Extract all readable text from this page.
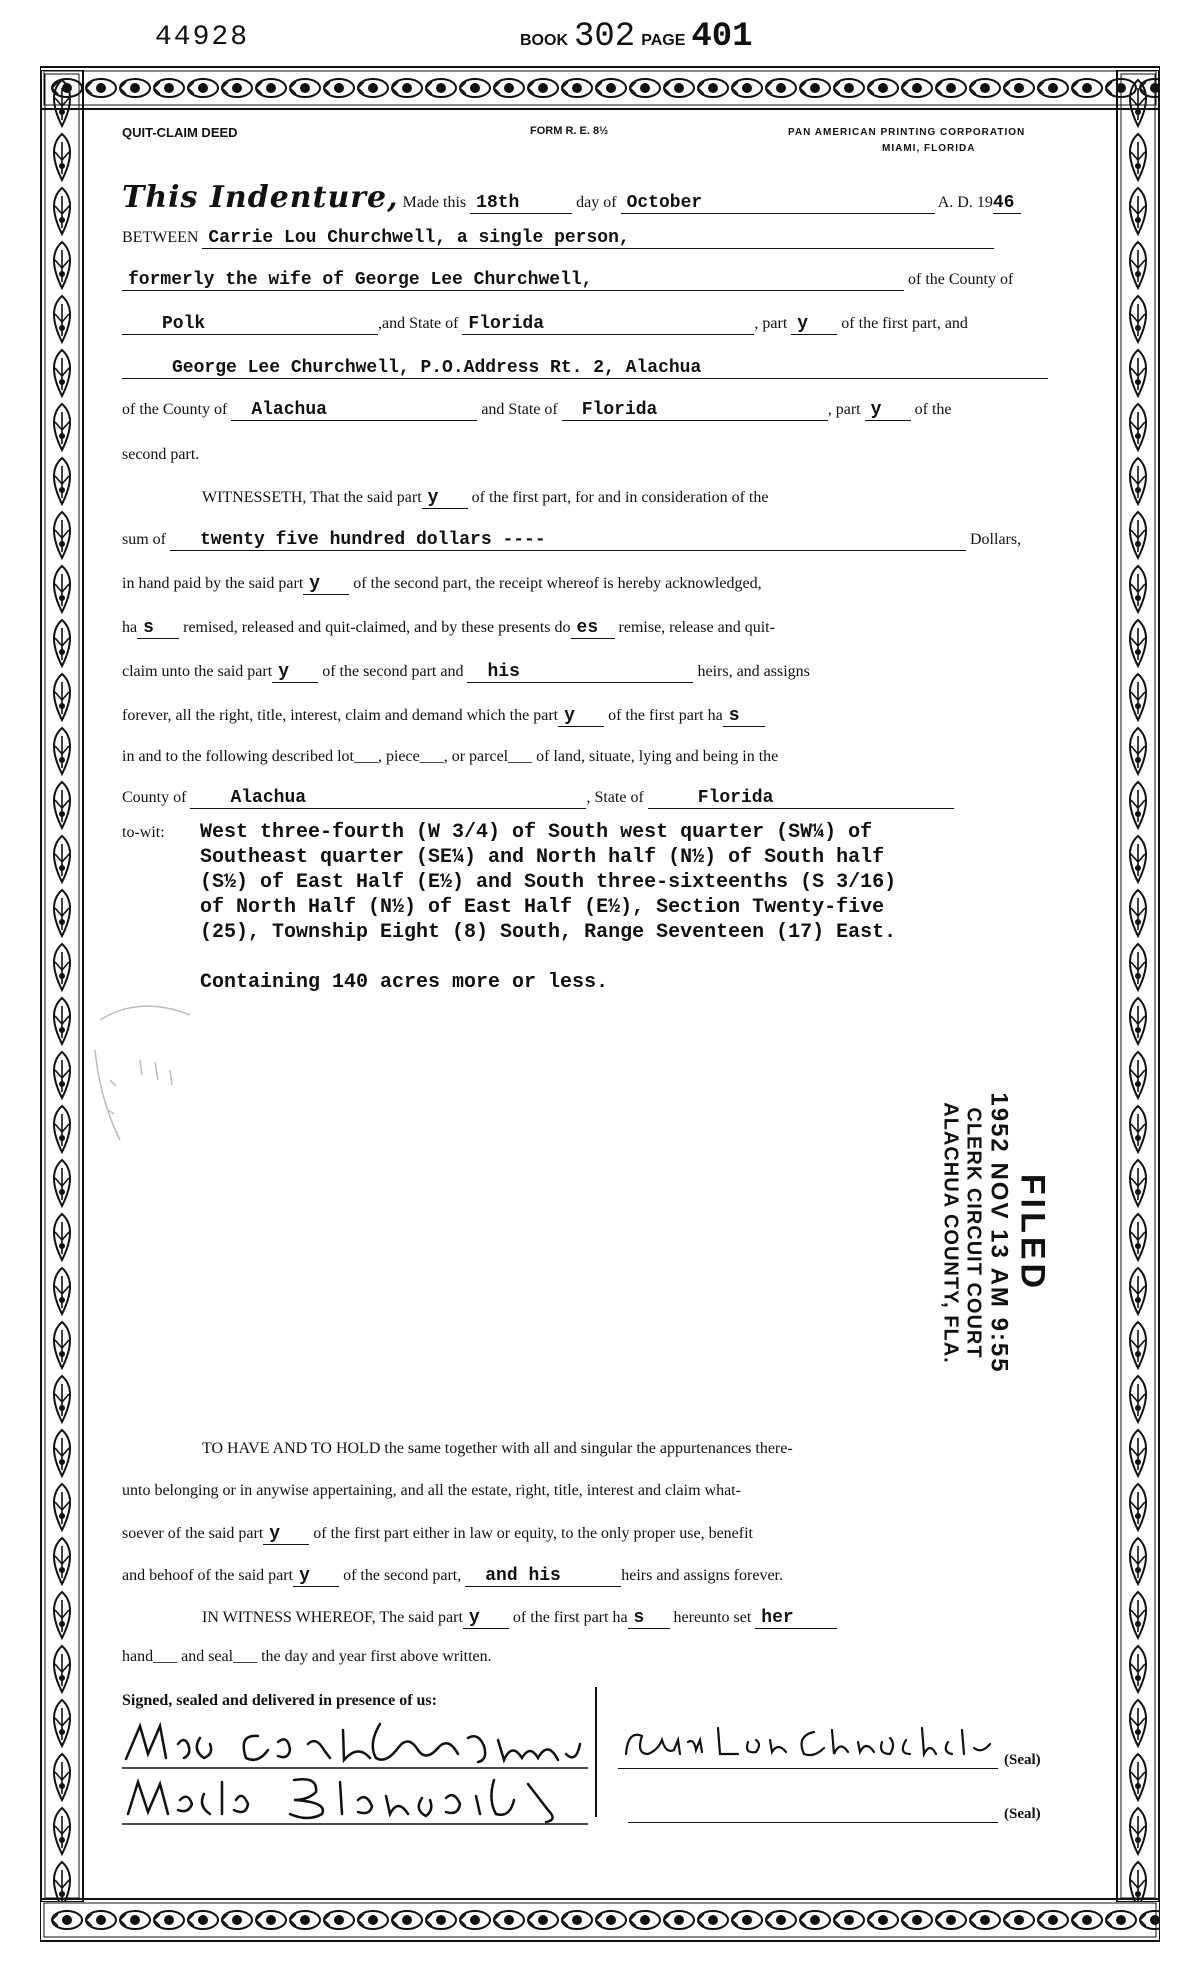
44928	BOOK 302 PAGE 401
QUIT-CLAIM DEED	FORM R. E. 8½	PAN AMERICAN PRINTING CORPORATION
MIAMI, FLORIDA
This Indenture, Made this 18th	day of October	A. D. 1946
BETWEEN Carrie Lou Churchwell, a single person,
formerly the wife of George Lee Churchwell,	of the County of
Polk	,and State of Florida	, part y of the first part, and
George Lee Churchwell, P.O.Address Rt. 2, Alachua
of the County of Alachua	and State of Florida	, part y of the
second part.
WITNESSETH, That the said part y of the first part, for and in consideration of the
sum of twenty five hundred dollars ----	Dollars,
in hand paid by the said part y of the second part, the receipt whereof is hereby acknowledged,
ha s remised, released and quit-claimed, and by these presents do es remise, release and quit-
claim unto the said part y of the second part and his	heirs, and assigns
forever, all the right, title, interest, claim and demand which the part y of the first part ha s
in and to the following described lot___, piece___, or parcel___ of land, situate, lying and being in the
County of Alachua	, State of	Florida
to-wit: West three-fourth (W 3/4) of South west quarter (SW¼) of
Southeast quarter (SE¼) and North half (N½) of South half
(S½) of East Half (E½) and South three-sixteenths (S 3/16)
of North Half (N½) of East Half (E½), Section Twenty-five
(25), Township Eight (8) South, Range Seventeen (17) East.

Containing 140 acres more or less.
FILED
1952 NOV 13 AM 9:55
CLERK CIRCUIT COURT
ALACHUA COUNTY, FLA.
TO HAVE AND TO HOLD the same together with all and singular the appurtenances there-
unto belonging or in anywise appertaining, and all the estate, right, title, interest and claim what-
soever of the said part y of the first part either in law or equity, to the only proper use, benefit
and behoof of the said part y of the second part, and his	heirs and assigns forever.
IN WITNESS WHEREOF, The said part y of the first part ha s hereunto set her
hand___ and seal___ the day and year first above written.
Signed, sealed and delivered in presence of us:
(Seal)
(Seal)
